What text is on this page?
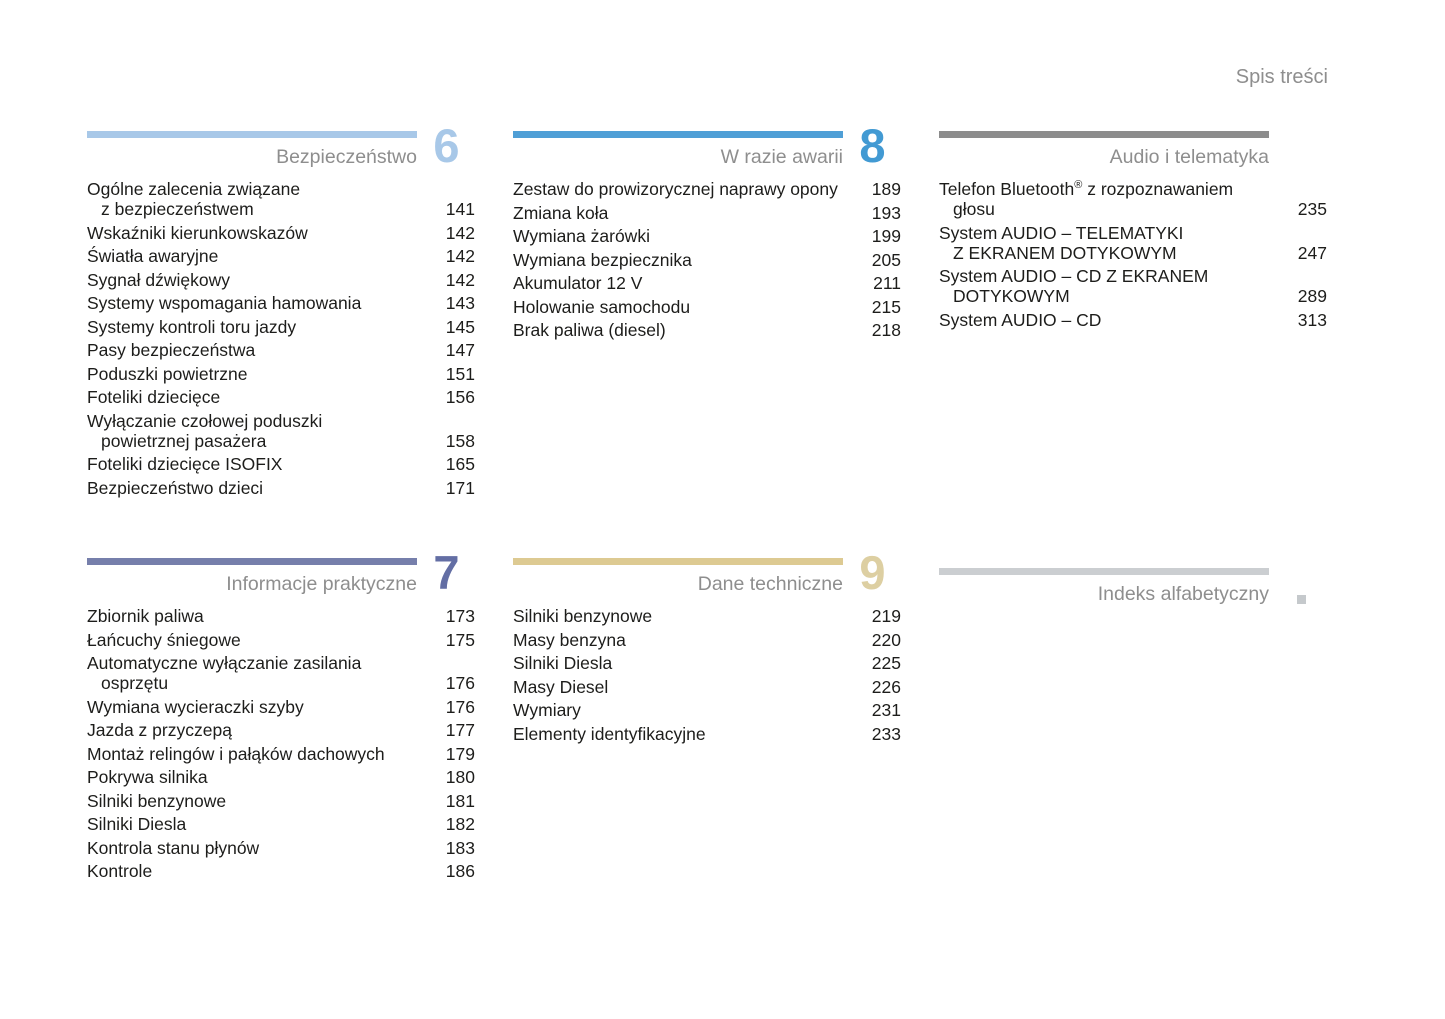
Spis treści
6
Bezpieczeństwo
Ogólne zalecenia związane
z bezpieczeństwem	141
Wskaźniki kierunkowskazów	142
Światła awaryjne	142
Sygnał dźwiękowy	142
Systemy wspomagania hamowania	143
Systemy kontroli toru jazdy	145
Pasy bezpieczeństwa	147
Poduszki powietrzne	151
Foteliki dziecięce	156
Wyłączanie czołowej poduszki
powietrznej pasażera	158
Foteliki dziecięce ISOFIX	165
Bezpieczeństwo dzieci	171
8
W razie awarii
Zestaw do prowizorycznej naprawy opony	189
Zmiana koła	193
Wymiana żarówki	199
Wymiana bezpiecznika	205
Akumulator 12 V	211
Holowanie samochodu	215
Brak paliwa (diesel)	218
Audio i telematyka
Telefon Bluetooth® z rozpoznawaniem
głosu	235
System AUDIO – TELEMATYKI
Z EKRANEM DOTYKOWYM	247
System AUDIO – CD Z EKRANEM
DOTYKOWYM	289
System AUDIO – CD	313
7
Informacje praktyczne
Zbiornik paliwa	173
Łańcuchy śniegowe	175
Automatyczne wyłączanie zasilania
osprzętu	176
Wymiana wycieraczki szyby	176
Jazda z przyczepą	177
Montaż relingów i pałąków dachowych	179
Pokrywa silnika	180
Silniki benzynowe	181
Silniki Diesla	182
Kontrola stanu płynów	183
Kontrole	186
9
Dane techniczne
Silniki benzynowe	219
Masy benzyna	220
Silniki Diesla	225
Masy Diesel	226
Wymiary	231
Elementy identyfikacyjne	233
Indeks alfabetyczny
